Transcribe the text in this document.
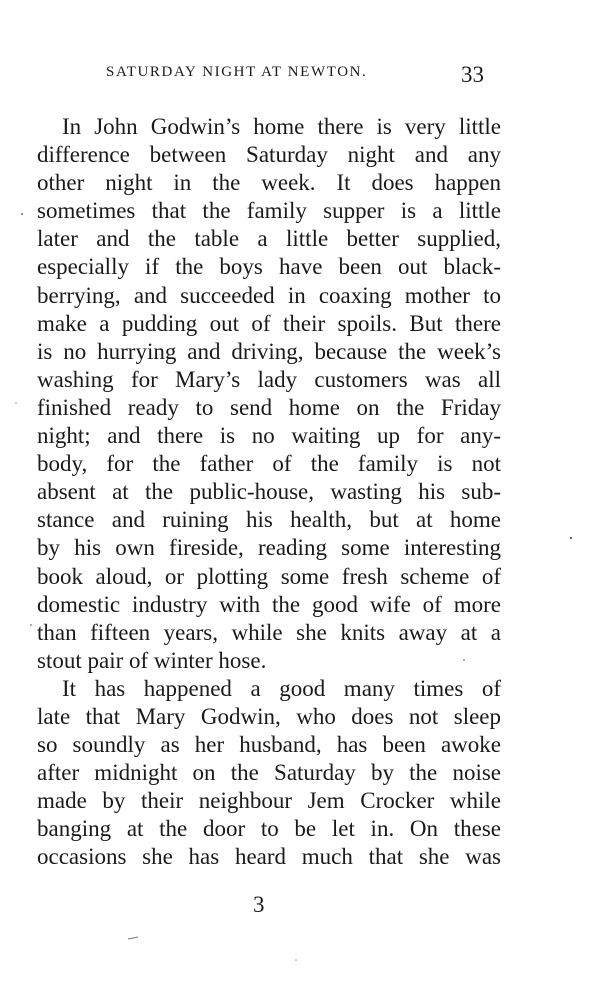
SATURDAY NIGHT AT NEWTON.	33

In John Godwin’s home there is very little
difference between Saturday night and any
other night in the week. It does happen
sometimes that the family supper is a little
later and the table a little better supplied,
especially if the boys have been out black-
berrying, and succeeded in coaxing mother to
make a pudding out of their spoils. But there
is no hurrying and driving, because the week’s
washing for Mary’s lady customers was all
finished ready to send home on the Friday
night; and there is no waiting up for any-
body, for the father of the family is not
absent at the public-house, wasting his sub-
stance and ruining his health, but at home
by his own fireside, reading some interesting
book aloud, or plotting some fresh scheme of
domestic industry with the good wife of more
than fifteen years, while she knits away at a
stout pair of winter hose.

It has happened a good many times of
late that Mary Godwin, who does not sleep
so soundly as her husband, has been awoke
after midnight on the Saturday by the noise
made by their neighbour Jem Crocker while
banging at the door to be let in. On these
occasions she has heard much that she was

3
